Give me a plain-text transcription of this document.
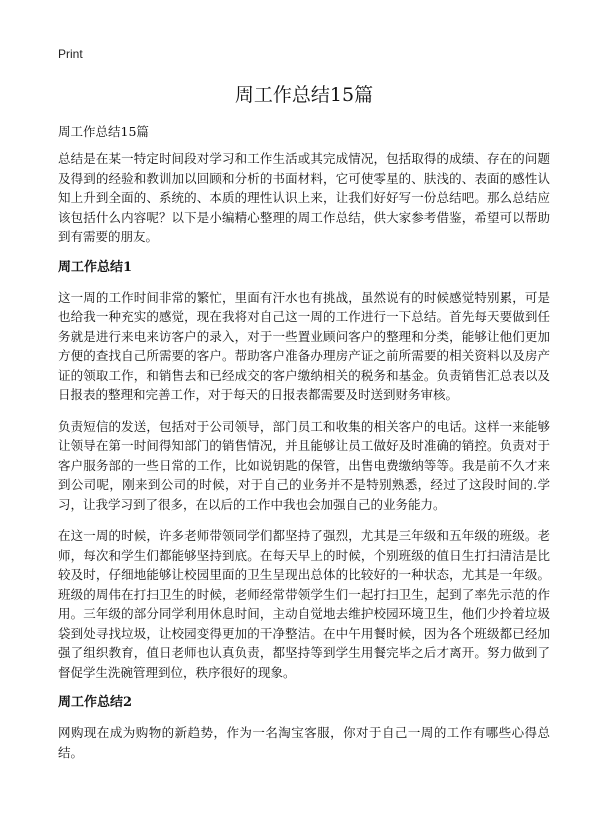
Print
周工作总结15篇

周工作总结15篇

总结是在某一特定时间段对学习和工作生活或其完成情况，包括取得的成绩、存在的问题及得到的经验和教训加以回顾和分析的书面材料，它可使零星的、肤浅的、表面的感性认知上升到全面的、系统的、本质的理性认识上来，让我们好好写一份总结吧。那么总结应该包括什么内容呢？以下是小编精心整理的周工作总结，供大家参考借鉴，希望可以帮助到有需要的朋友。

周工作总结1

这一周的工作时间非常的繁忙，里面有汗水也有挑战，虽然说有的时候感觉特别累，可是也给我一种充实的感觉，现在我将对自己这一周的工作进行一下总结。首先每天要做到任务就是进行来电来访客户的录入，对于一些置业顾问客户的整理和分类，能够让他们更加方便的查找自己所需要的客户。帮助客户准备办理房产证之前所需要的相关资料以及房产证的领取工作，和销售去和已经成交的客户缴纳相关的税务和基金。负责销售汇总表以及日报表的整理和完善工作，对于每天的日报表都需要及时送到财务审核。

负责短信的发送，包括对于公司领导，部门员工和收集的相关客户的电话。这样一来能够让领导在第一时间得知部门的销售情况，并且能够让员工做好及时准确的销控。负责对于客户服务部的一些日常的工作，比如说钥匙的保管，出售电费缴纳等等。我是前不久才来到公司呢，刚来到公司的时候，对于自己的业务并不是特别熟悉，经过了这段时间的.学习，让我学习到了很多，在以后的工作中我也会加强自己的业务能力。

在这一周的时候，许多老师带领同学们都坚持了强烈，尤其是三年级和五年级的班级。老师，每次和学生们都能够坚持到底。在每天早上的时候，个别班级的值日生打扫清洁是比较及时，仔细地能够让校园里面的卫生呈现出总体的比较好的一种状态，尤其是一年级。班级的周伟在打扫卫生的时候，老师经常带领学生们一起打扫卫生，起到了率先示范的作用。三年级的部分同学利用休息时间，主动自觉地去维护校园环境卫生，他们少拎着垃圾袋到处寻找垃圾，让校园变得更加的干净整洁。在中午用餐时候，因为各个班级都已经加强了组织教育，值日老师也认真负责，都坚持等到学生用餐完毕之后才离开。努力做到了督促学生洗碗管理到位，秩序很好的现象。

周工作总结2

网购现在成为购物的新趋势，作为一名淘宝客服，你对于自己一周的工作有哪些心得总结。
